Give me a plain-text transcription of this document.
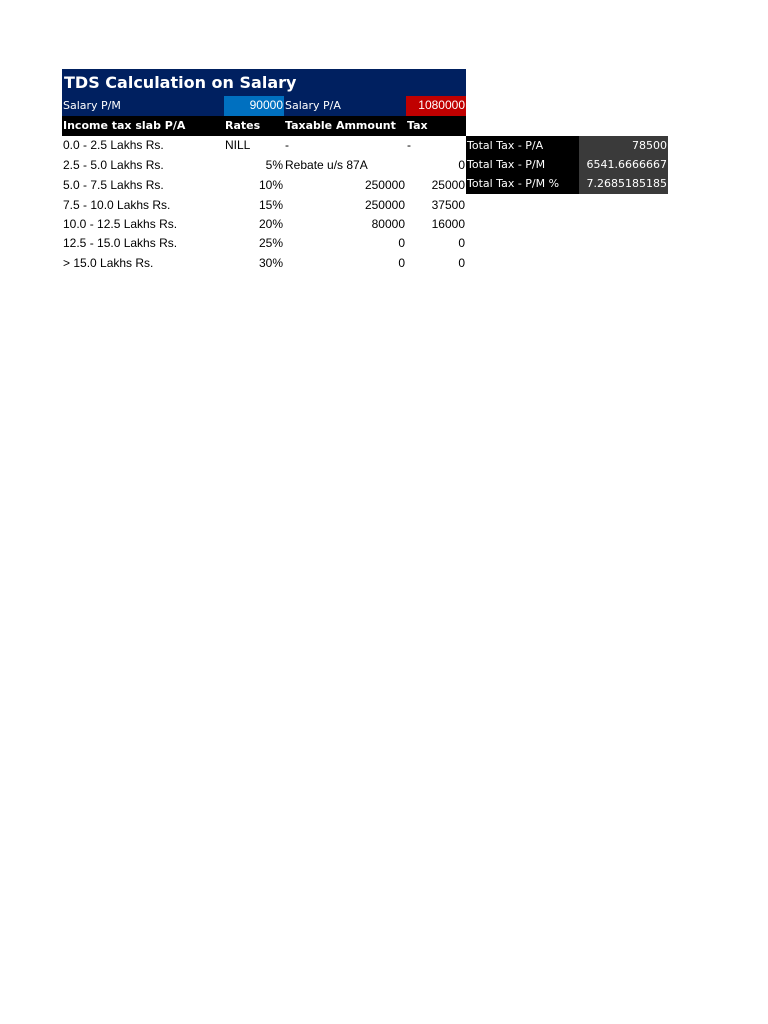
TDS Calculation on Salary
Salary P/M	90000 Salary P/A	1080000
Income tax slab P/A	Rates	Taxable Ammount	Tax
0.0 - 2.5 Lakhs Rs.	NILL	-	-
2.5 - 5.0 Lakhs Rs.	5% Rebate u/s 87A	0
5.0 - 7.5 Lakhs Rs.	10%	250000	25000
7.5 - 10.0 Lakhs Rs.	15%	250000	37500
10.0 - 12.5 Lakhs Rs.	20%	80000	16000
12.5 - 15.0 Lakhs Rs.	25%	0	0
> 15.0 Lakhs Rs.	30%	0	0
Total Tax - P/A	78500
Total Tax - P/M	6541.6666667
Total Tax - P/M %	7.2685185185
